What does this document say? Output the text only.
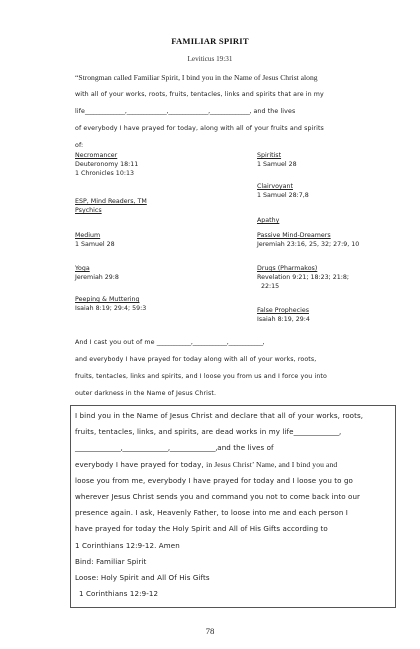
FAMILIAR SPIRIT
Leviticus 19:31
“Strongman called Familiar Spirit, I bind you in the Name of Jesus Christ along
with all of your works, roots, fruits, tentacles, links and spirits that are in my
life______________,______________,______________,______________, and the lives
of everybody I have prayed for today, along with all of your fruits and spirits
of:
Necromancer
Deuteronomy 18:11
1 Chronicles 10:13
ESP, Mind Readers, TM
Psychics
Medium
1 Samuel 28
Yoga
Jeremiah 29:8
Peeping & Muttering
Isaiah 8:19; 29:4; 59:3
Spiritist
1 Samuel 28
Clairvoyant
1 Samuel 28:7,8
Apathy
Passive Mind-Dreamers
Jeremiah 23:16, 25, 32; 27:9, 10
Drugs (Pharmakos)
Revelation 9:21; 18:23; 21:8;
22:15
False Prophecies
Isaiah 8:19, 29:4
And I cast you out of me ____________,____________,____________,
and everybody I have prayed for today along with all of your works, roots,
fruits, tentacles, links and spirits, and I loose you from us and I force you into
outer darkness in the Name of Jesus Christ.
I bind you in the Name of Jesus Christ and declare that all of your works, roots,
fruits, tentacles, links, and spirits, are dead works in my life______________,
______________,______________,______________,and the lives of
everybody I have prayed for today, in Jesus Christ’ Name, and I bind you and
loose you from me, everybody I have prayed for today and I loose you to go
wherever Jesus Christ sends you and command you not to come back into our
presence again. I ask, Heavenly Father, to loose into me and each person I
have prayed for today the Holy Spirit and All of His Gifts according to
1 Corinthians 12:9-12. Amen
Bind: Familiar Spirit
Loose: Holy Spirit and All Of His Gifts
1 Corinthians 12:9-12
78
